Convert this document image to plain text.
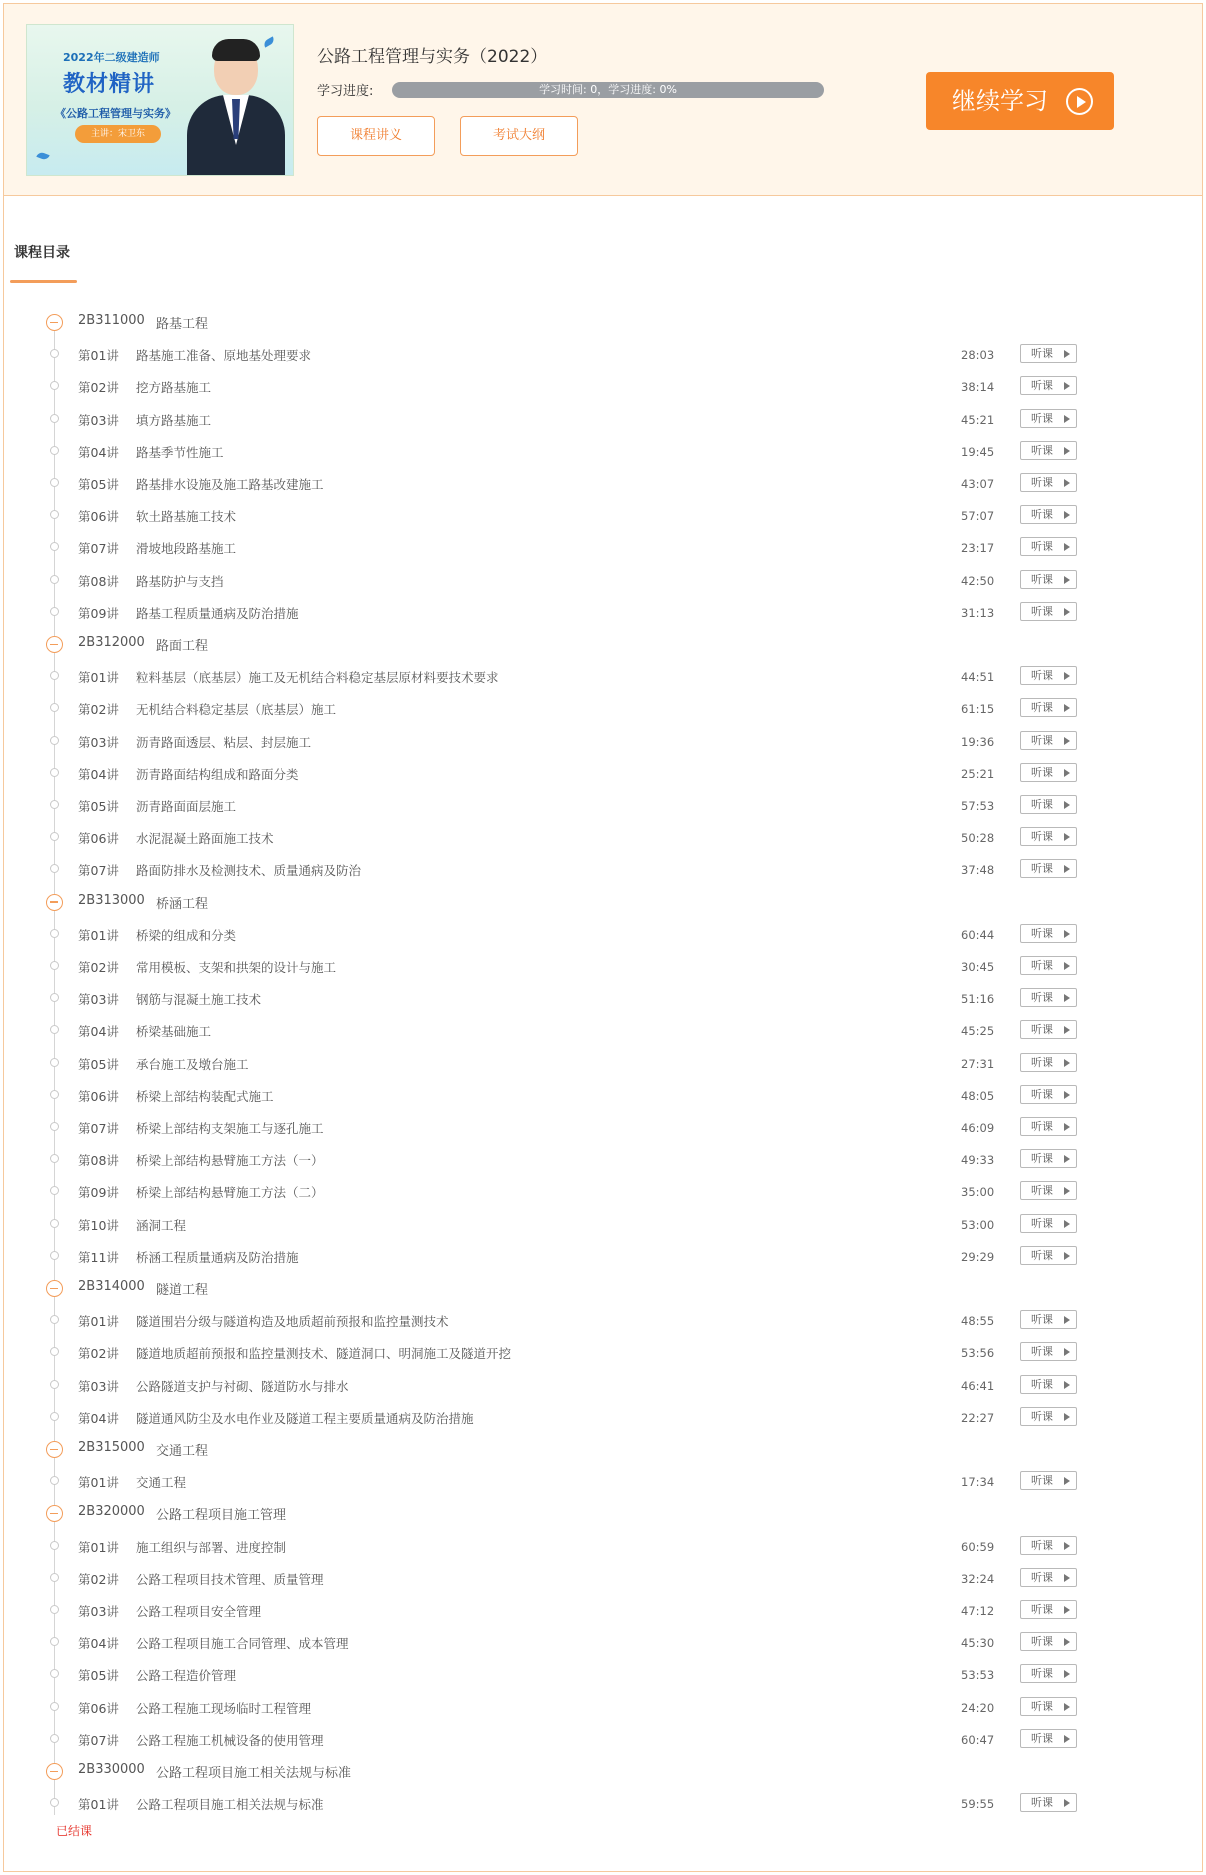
2022年二级建造师
教材精讲
《公路工程管理与实务》
主讲：宋卫东
公路工程管理与实务（2022）
学习进度:	学习时间: 0，学习进度: 0%
课程讲义	考试大纲
继续学习
课程目录
2B311000 路基工程
第01讲 路基施工准备、原地基处理要求	28:03	听课
第02讲 挖方路基施工	38:14	听课
第03讲 填方路基施工	45:21	听课
第04讲 路基季节性施工	19:45	听课
第05讲 路基排水设施及施工路基改建施工	43:07	听课
第06讲 软土路基施工技术	57:07	听课
第07讲 滑坡地段路基施工	23:17	听课
第08讲 路基防护与支挡	42:50	听课
第09讲 路基工程质量通病及防治措施	31:13	听课
2B312000 路面工程
第01讲 粒料基层（底基层）施工及无机结合料稳定基层原材料要技术要求	44:51	听课
第02讲 无机结合料稳定基层（底基层）施工	61:15	听课
第03讲 沥青路面透层、粘层、封层施工	19:36	听课
第04讲 沥青路面结构组成和路面分类	25:21	听课
第05讲 沥青路面面层施工	57:53	听课
第06讲 水泥混凝土路面施工技术	50:28	听课
第07讲 路面防排水及检测技术、质量通病及防治	37:48	听课
2B313000 桥涵工程
第01讲 桥梁的组成和分类	60:44	听课
第02讲 常用模板、支架和拱架的设计与施工	30:45	听课
第03讲 钢筋与混凝土施工技术	51:16	听课
第04讲 桥梁基础施工	45:25	听课
第05讲 承台施工及墩台施工	27:31	听课
第06讲 桥梁上部结构装配式施工	48:05	听课
第07讲 桥梁上部结构支架施工与逐孔施工	46:09	听课
第08讲 桥梁上部结构悬臂施工方法（一）	49:33	听课
第09讲 桥梁上部结构悬臂施工方法（二）	35:00	听课
第10讲 涵洞工程	53:00	听课
第11讲 桥涵工程质量通病及防治措施	29:29	听课
2B314000 隧道工程
第01讲 隧道围岩分级与隧道构造及地质超前预报和监控量测技术	48:55	听课
第02讲 隧道地质超前预报和监控量测技术、隧道洞口、明洞施工及隧道开挖	53:56	听课
第03讲 公路隧道支护与衬砌、隧道防水与排水	46:41	听课
第04讲 隧道通风防尘及水电作业及隧道工程主要质量通病及防治措施	22:27	听课
2B315000 交通工程
第01讲 交通工程	17:34	听课
2B320000 公路工程项目施工管理
第01讲 施工组织与部署、进度控制	60:59	听课
第02讲 公路工程项目技术管理、质量管理	32:24	听课
第03讲 公路工程项目安全管理	47:12	听课
第04讲 公路工程项目施工合同管理、成本管理	45:30	听课
第05讲 公路工程造价管理	53:53	听课
第06讲 公路工程施工现场临时工程管理	24:20	听课
第07讲 公路工程施工机械设备的使用管理	60:47	听课
2B330000 公路工程项目施工相关法规与标准
第01讲 公路工程项目施工相关法规与标准	59:55	听课
已结课
